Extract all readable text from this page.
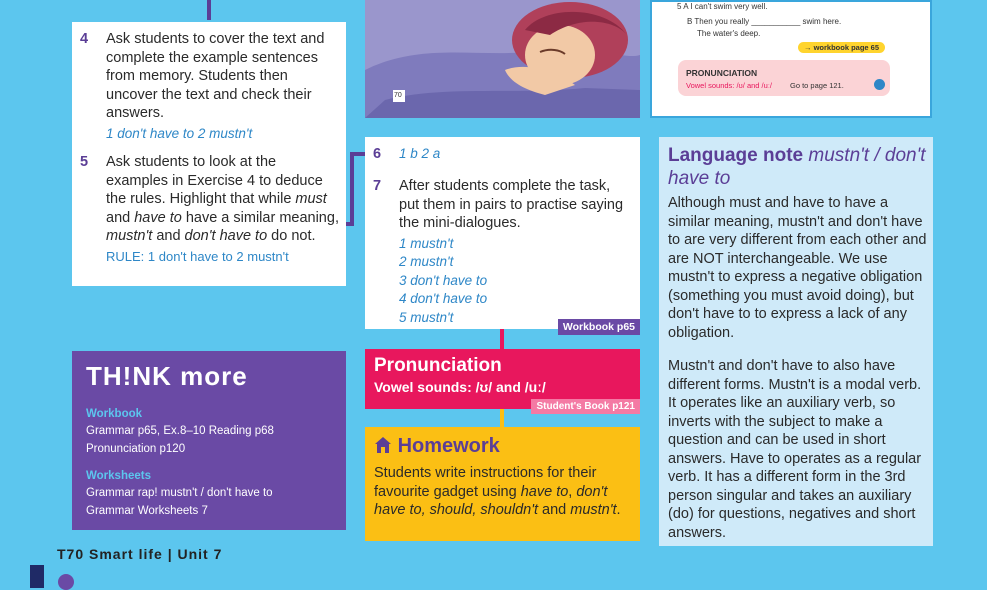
4 Ask students to cover the text and complete the example sentences from memory. Students then uncover the text and check their answers.
1 don't have to 2 mustn't
5 Ask students to look at the examples in Exercise 4 to deduce the rules. Highlight that while must and have to have a similar meaning, mustn't and don't have to do not.
RULE: 1 don't have to 2 mustn't
70
5 A I can't swim very well.
B Then you really ___________ swim here.
The water's deep.
→ workbook page 65
PRONUNCIATION
Vowel sounds: /ʊ/ and /uː/ Go to page 121.
6 1 b 2 a
7 After students complete the task, put them in pairs to practise saying the mini-dialogues.
1 mustn't
2 mustn't
3 don't have to
4 don't have to
5 mustn't
Workbook p65
TH!NK more
Workbook
Grammar p65, Ex.8–10 Reading p68
Pronunciation p120
Worksheets
Grammar rap! mustn't / don't have to
Grammar Worksheets 7
Pronunciation
Vowel sounds: /ʊ/ and /uː/
Student's Book p121
Homework
Students write instructions for their favourite gadget using have to, don't have to, should, shouldn't and mustn't.
Language note mustn't / don't have to
Although must and have to have a similar meaning, mustn't and don't have to are very different from each other and are NOT interchangeable. We use mustn't to express a negative obligation (something you must avoid doing), but don't have to to express a lack of any obligation.
Mustn't and don't have to also have different forms. Mustn't is a modal verb. It operates like an auxiliary verb, so inverts with the subject to make a question and can be used in short answers. Have to operates as a regular verb. It has a different form in the 3rd person singular and takes an auxiliary (do) for questions, negatives and short answers.
T70 Smart life | Unit 7
